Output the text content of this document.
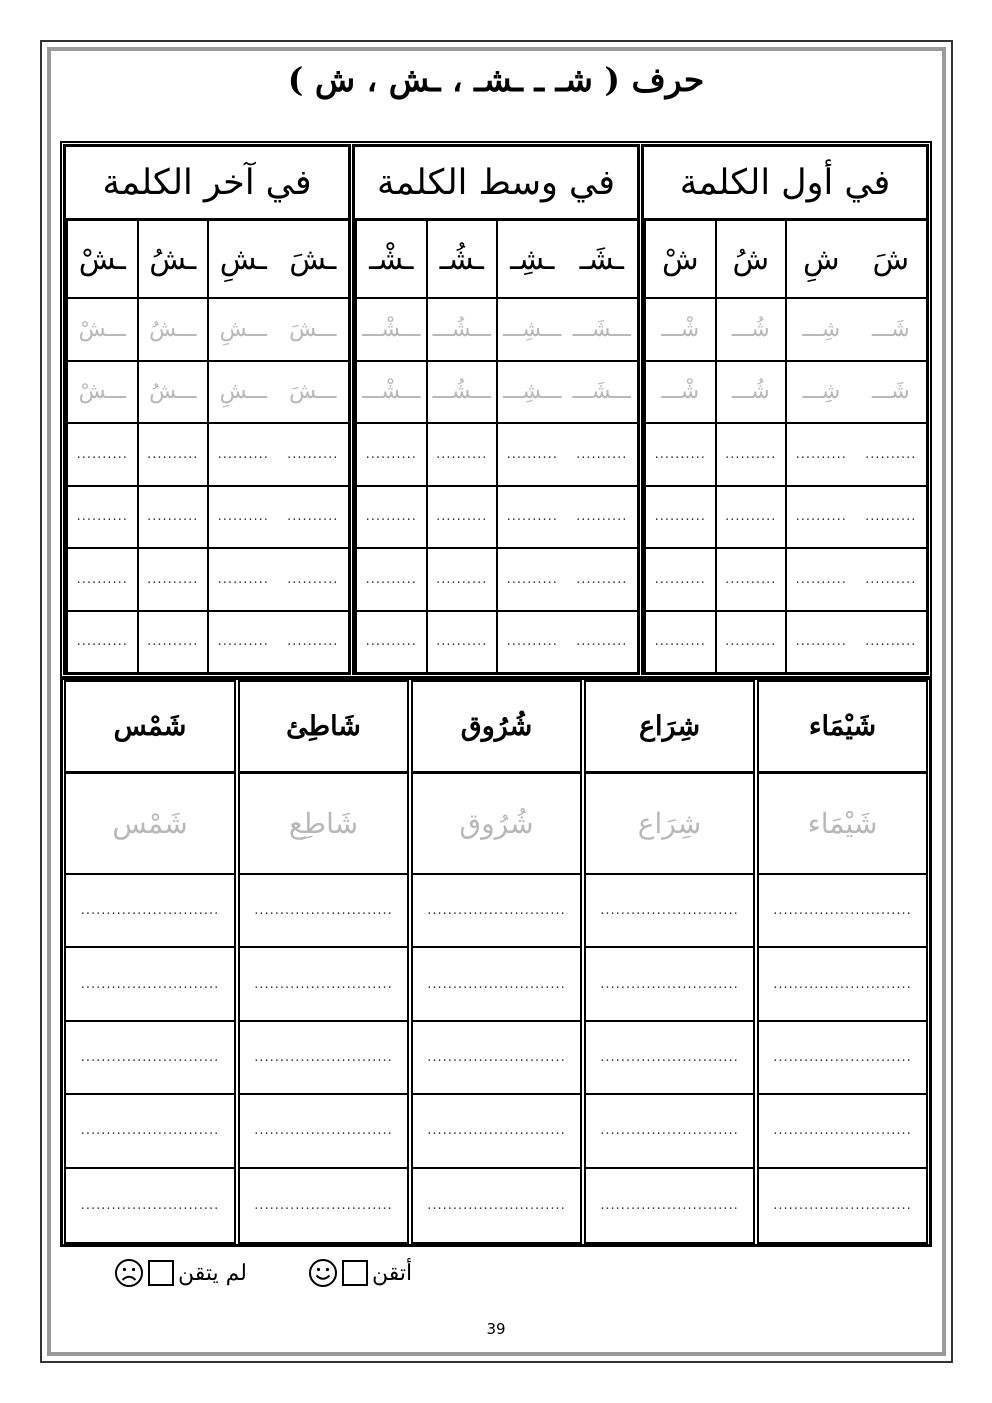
حرف ( شـ ـ ـشـ ، ـش ، ش )
في أول الكلمة
شَ
شِ
شُ
شْ
شَـــ
شِـــ
شُـــ
شْـــ
شَـــ
شِـــ
شُـــ
شْـــ
..........
..........
..........
..........
..........
..........
..........
..........
..........
..........
..........
..........
..........
..........
..........
..........
في وسط الكلمة
ـشَـ
ـشِـ
ـشُـ
ـشْـ
ـــشَـــ
ـــشِـــ
ـــشُـــ
ـــشْـــ
ـــشَـــ
ـــشِـــ
ـــشُـــ
ـــشْـــ
..........
..........
..........
..........
..........
..........
..........
..........
..........
..........
..........
..........
..........
..........
..........
..........
في آخر الكلمة
ـشَ
ـشِ
ـشُ
ـشْ
ـــشَ
ـــشِ
ـــشُ
ـــشْ
ـــشَ
ـــشِ
ـــشُ
ـــشْ
..........
..........
..........
..........
..........
..........
..........
..........
..........
..........
..........
..........
..........
..........
..........
..........
شَيْمَاء
شَيْمَاء
...........................
...........................
...........................
...........................
...........................
شِرَاع
شِرَاع
...........................
...........................
...........................
...........................
...........................
شُرُوق
شُرُوق
...........................
...........................
...........................
...........................
...........................
شَاطِئ
شَاطِع
...........................
...........................
...........................
...........................
...........................
شَمْس
شَمْس
...........................
...........................
...........................
...........................
...........................
أتقن
لم يتقن
39
